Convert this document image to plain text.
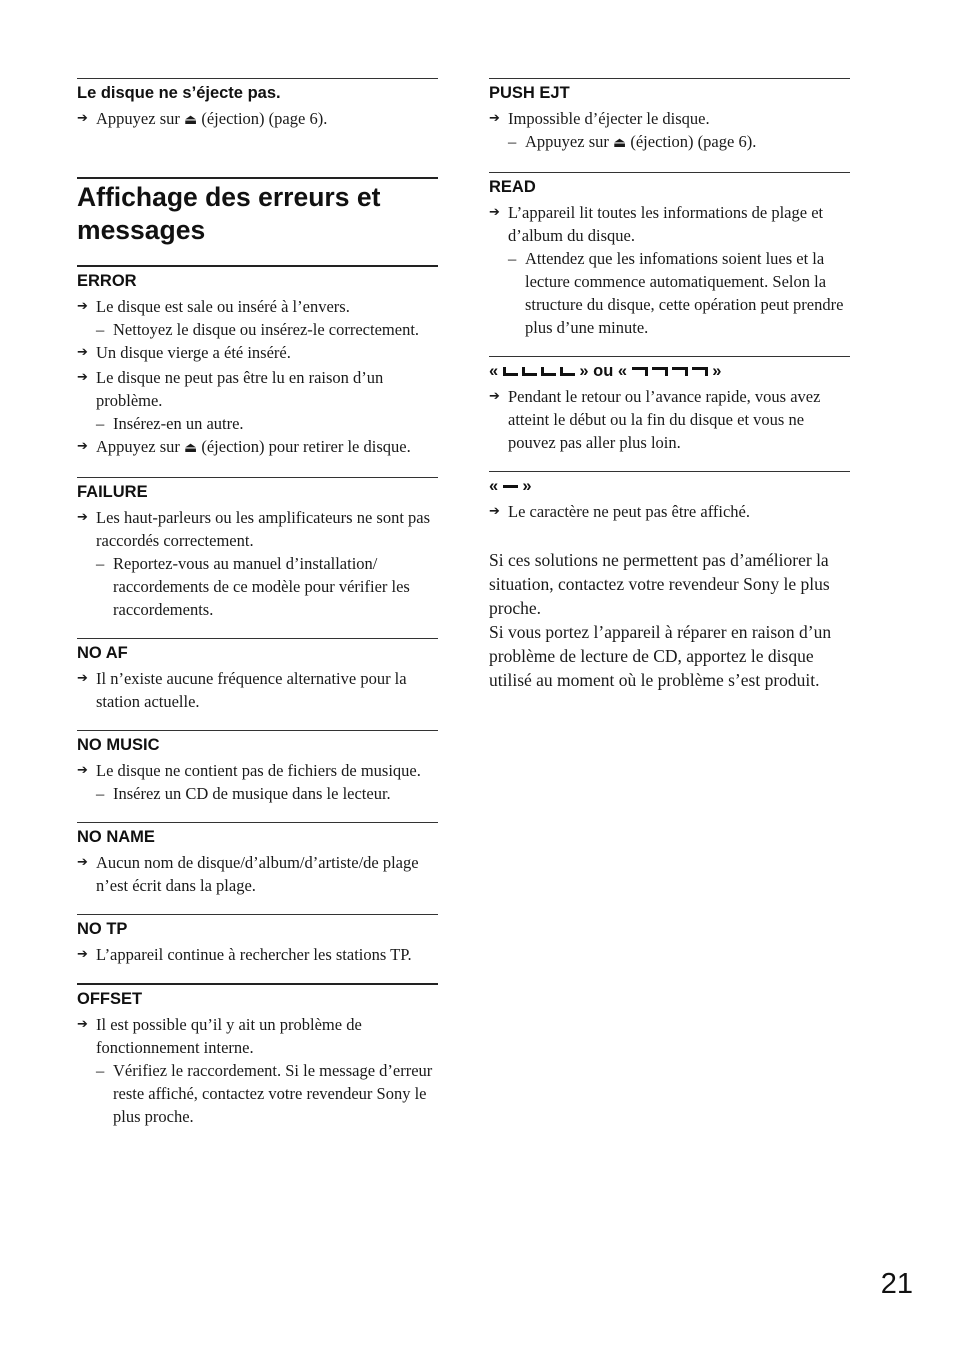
Le disque ne s’éjecte pas.
➔ Appuyez sur ⏏ (éjection) (page 6).
Affichage des erreurs et messages
ERROR
➔ Le disque est sale ou inséré à l’envers.
– Nettoyez le disque ou insérez-le correctement.
➔ Un disque vierge a été inséré.
➔ Le disque ne peut pas être lu en raison d’un problème.
– Insérez-en un autre.
➔ Appuyez sur ⏏ (éjection) pour retirer le disque.
FAILURE
➔ Les haut-parleurs ou les amplificateurs ne sont pas raccordés correctement.
– Reportez-vous au manuel d’installation/ raccordements de ce modèle pour vérifier les raccordements.
NO AF
➔ Il n’existe aucune fréquence alternative pour la station actuelle.
NO MUSIC
➔ Le disque ne contient pas de fichiers de musique.
– Insérez un CD de musique dans le lecteur.
NO NAME
➔ Aucun nom de disque/d’album/d’artiste/de plage n’est écrit dans la plage.
NO TP
➔ L’appareil continue à rechercher les stations TP.
OFFSET
➔ Il est possible qu’il y ait un problème de fonctionnement interne.
– Vérifiez le raccordement. Si le message d’erreur reste affiché, contactez votre revendeur Sony le plus proche.
PUSH EJT
➔ Impossible d’éjecter le disque.
– Appuyez sur ⏏ (éjection) (page 6).
READ
➔ L’appareil lit toutes les informations de plage et d’album du disque.
– Attendez que les infomations soient lues et la lecture commence automatiquement. Selon la structure du disque, cette opération peut prendre plus d’une minute.
«	» ou «	»
➔ Pendant le retour ou l’avance rapide, vous avez atteint le début ou la fin du disque et vous ne pouvez pas aller plus loin.
« »
➔ Le caractère ne peut pas être affiché.

Si ces solutions ne permettent pas d’améliorer la situation, contactez votre revendeur Sony le plus proche.

Si vous portez l’appareil à réparer en raison d’un problème de lecture de CD, apportez le disque utilisé au moment où le problème s’est produit.

21
